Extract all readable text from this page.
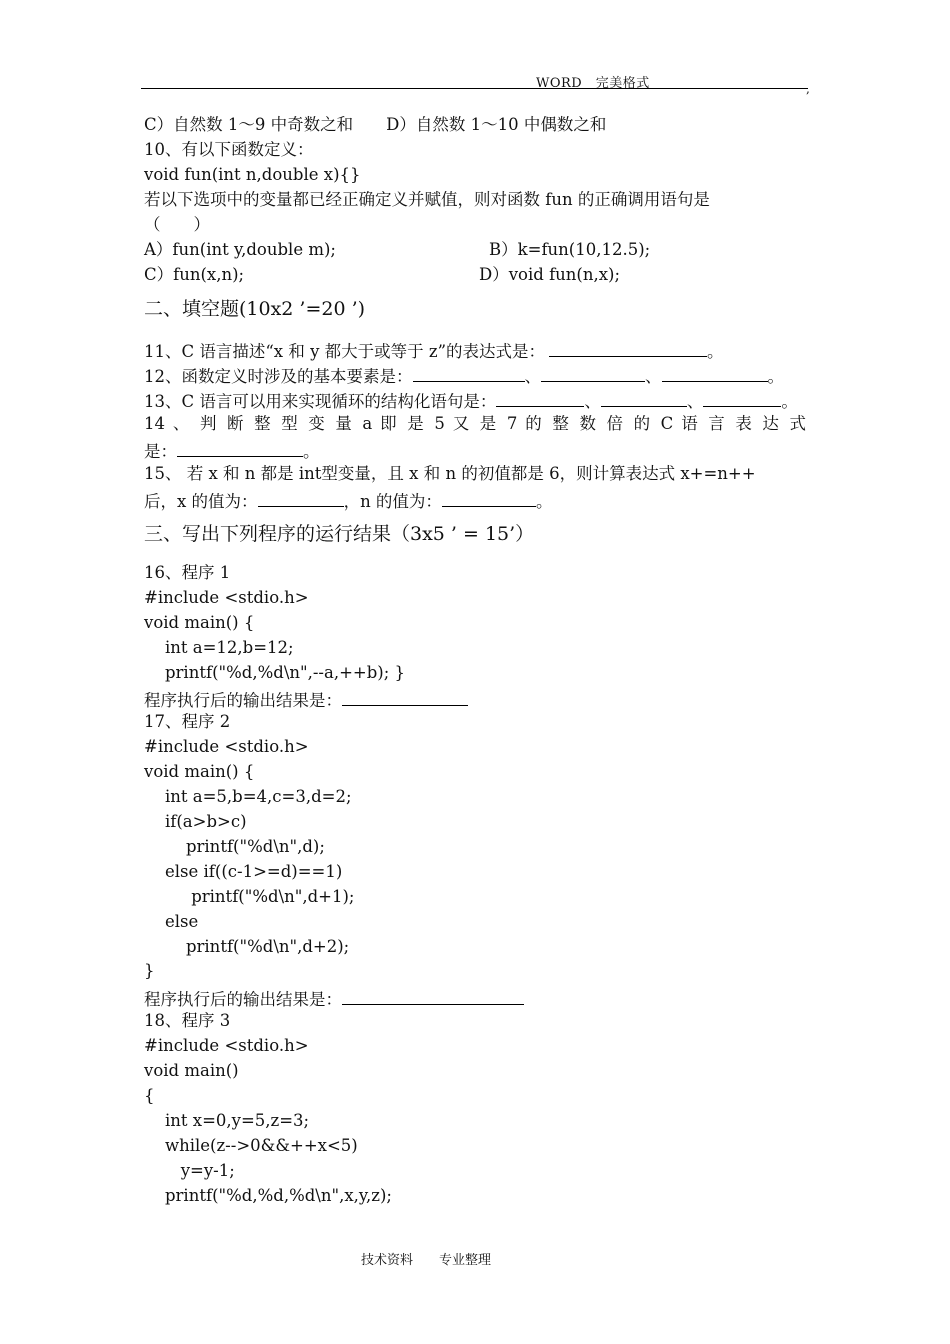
WORD　完美格式	,
C）自然数 1～9 中奇数之和　　D）自然数 1～10 中偶数之和
10、有以下函数定义：
void fun(int n,double x){}
若以下选项中的变量都已经正确定义并赋值，则对函数 fun 的正确调用语句是
（　　）
A）fun(int y,double m);	B）k=fun(10,12.5);
C）fun(x,n);	D）void fun(n,x);
二、填空题(10x2 ’=20 ’)
11、C 语言描述“x 和 y 都大于或等于 z”的表达式是：	。
12、函数定义时涉及的基本要素是：	、	、	。
13、C 语言可以用来实现循环的结构化语句是：	、	、	。
14 、 判 断 整 型 变 量 a 即 是 5 又 是 7 的 整 数 倍 的 C 语 言 表 达 式
是：	。
15、 若 x 和 n 都是 int型变量，且 x 和 n 的初值都是 6，则计算表达式 x+=n++
后，x 的值为：	，n 的值为：	。
三、写出下列程序的运行结果（3x5 ’ = 15’）
16、程序 1
#include <stdio.h>
void main() {
int a=12,b=12;
printf("%d,%d\n",--a,++b); }
程序执行后的输出结果是：
17、程序 2
#include <stdio.h>
void main() {
int a=5,b=4,c=3,d=2;
if(a>b>c)
printf("%d\n",d);
else if((c-1>=d)==1)
printf("%d\n",d+1);
else
printf("%d\n",d+2);
}
程序执行后的输出结果是：
18、程序 3
#include <stdio.h>
void main()
{
int x=0,y=5,z=3;
while(z-->0&&++x<5)
y=y-1;
printf("%d,%d,%d\n",x,y,z);
技术资料　　专业整理
